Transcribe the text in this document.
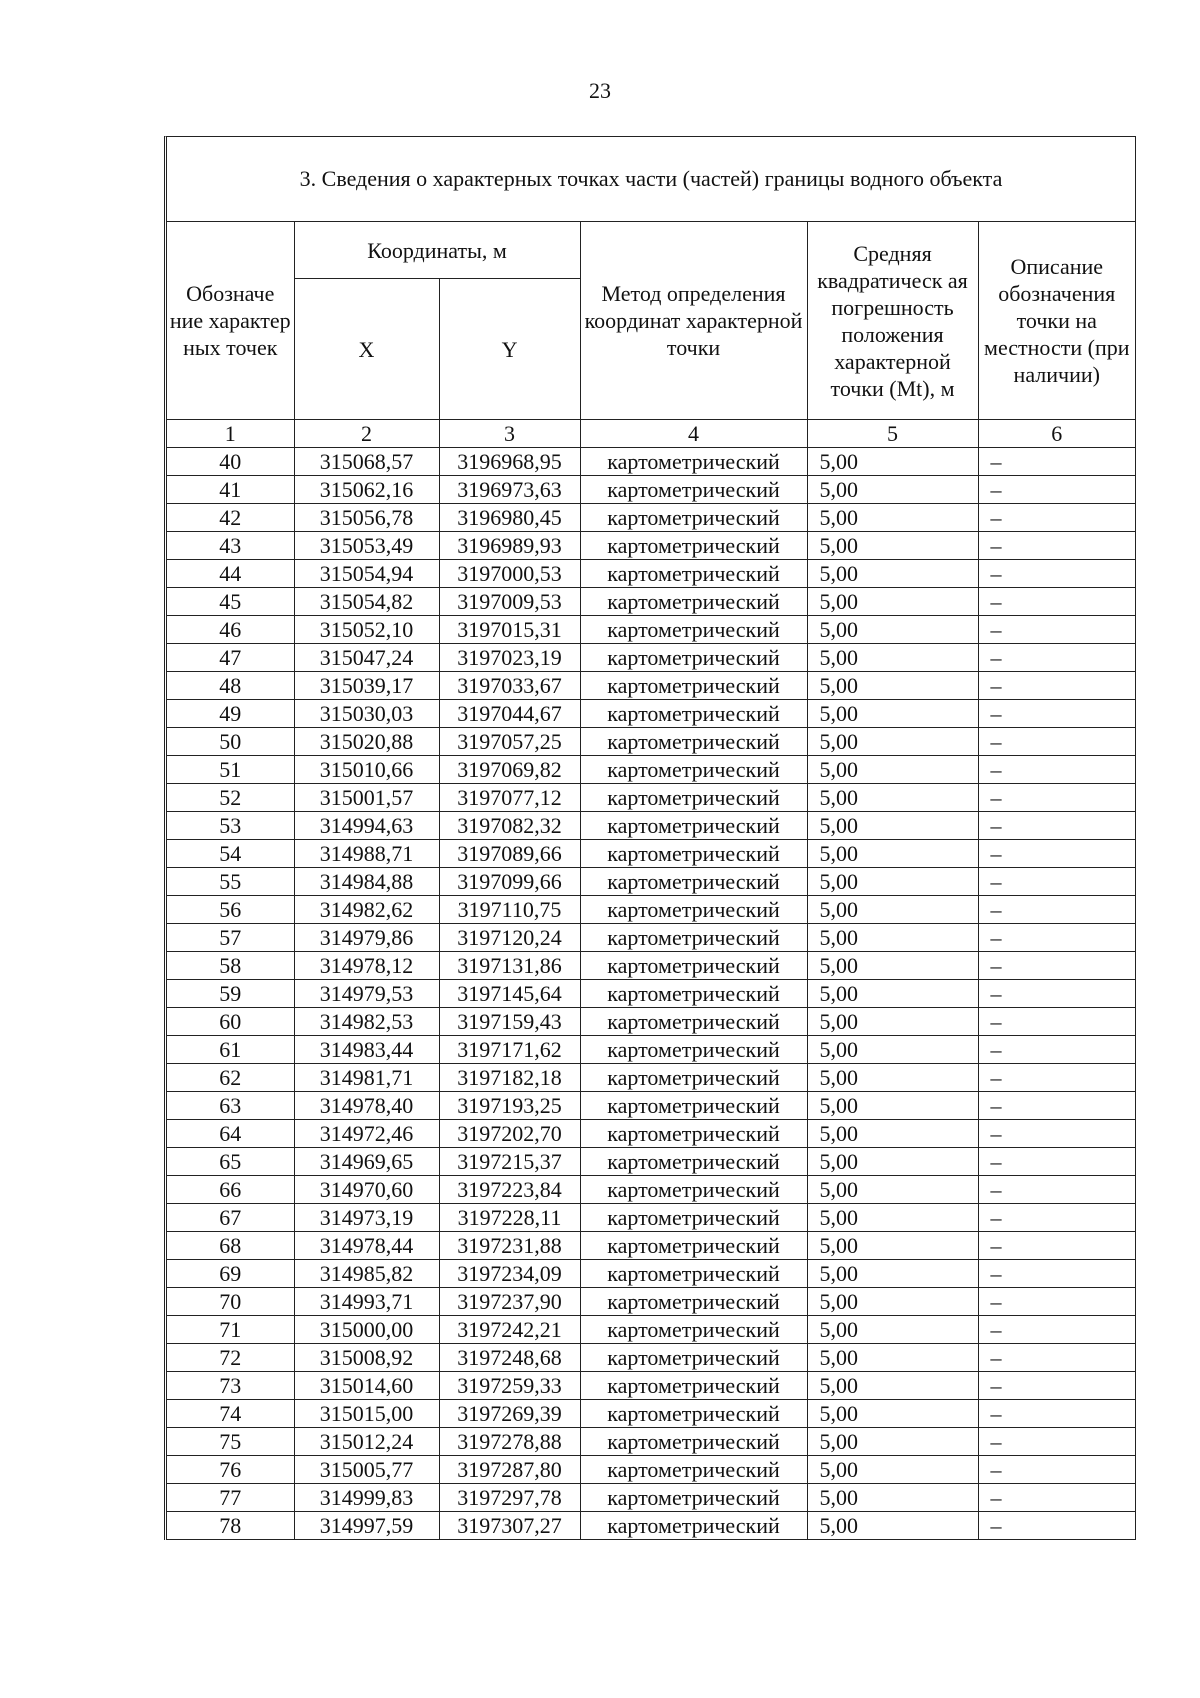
23
3. Сведения о характерных точках части (частей) границы водного объекта
Обозначе ние характер ных точек	Координаты, м		Метод определения координат характерной точки	Средняя квадратическ ая погрешность положения характерной точки (Mt), м	Описание обозначения точки на местности (при наличии)
	X	Y			
1	2	3	4	5	6
40	315068,57	3196968,95	картометрический	5,00	–
41	315062,16	3196973,63	картометрический	5,00	–
42	315056,78	3196980,45	картометрический	5,00	–
43	315053,49	3196989,93	картометрический	5,00	–
44	315054,94	3197000,53	картометрический	5,00	–
45	315054,82	3197009,53	картометрический	5,00	–
46	315052,10	3197015,31	картометрический	5,00	–
47	315047,24	3197023,19	картометрический	5,00	–
48	315039,17	3197033,67	картометрический	5,00	–
49	315030,03	3197044,67	картометрический	5,00	–
50	315020,88	3197057,25	картометрический	5,00	–
51	315010,66	3197069,82	картометрический	5,00	–
52	315001,57	3197077,12	картометрический	5,00	–
53	314994,63	3197082,32	картометрический	5,00	–
54	314988,71	3197089,66	картометрический	5,00	–
55	314984,88	3197099,66	картометрический	5,00	–
56	314982,62	3197110,75	картометрический	5,00	–
57	314979,86	3197120,24	картометрический	5,00	–
58	314978,12	3197131,86	картометрический	5,00	–
59	314979,53	3197145,64	картометрический	5,00	–
60	314982,53	3197159,43	картометрический	5,00	–
61	314983,44	3197171,62	картометрический	5,00	–
62	314981,71	3197182,18	картометрический	5,00	–
63	314978,40	3197193,25	картометрический	5,00	–
64	314972,46	3197202,70	картометрический	5,00	–
65	314969,65	3197215,37	картометрический	5,00	–
66	314970,60	3197223,84	картометрический	5,00	–
67	314973,19	3197228,11	картометрический	5,00	–
68	314978,44	3197231,88	картометрический	5,00	–
69	314985,82	3197234,09	картометрический	5,00	–
70	314993,71	3197237,90	картометрический	5,00	–
71	315000,00	3197242,21	картометрический	5,00	–
72	315008,92	3197248,68	картометрический	5,00	–
73	315014,60	3197259,33	картометрический	5,00	–
74	315015,00	3197269,39	картометрический	5,00	–
75	315012,24	3197278,88	картометрический	5,00	–
76	315005,77	3197287,80	картометрический	5,00	–
77	314999,83	3197297,78	картометрический	5,00	–
78	314997,59	3197307,27	картометрический	5,00	–
